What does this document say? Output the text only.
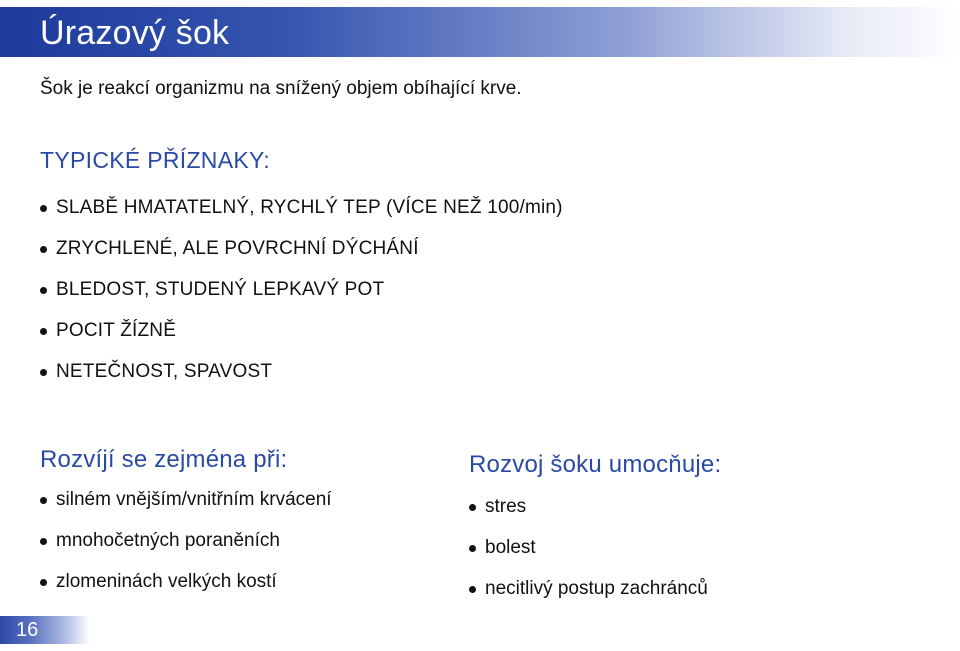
Úrazový šok
Šok je reakcí organizmu na snížený objem obíhající krve.
TYPICKÉ PŘÍZNAKY:
SLABĚ HMATATELNÝ, RYCHLÝ TEP (VÍCE NEŽ 100/min)
ZRYCHLENÉ, ALE POVRCHNÍ DÝCHÁNÍ
BLEDOST, STUDENÝ LEPKAVÝ POT
POCIT ŽÍZNĚ
NETEČNOST, SPAVOST
Rozvíjí se zejména při:
silném vnějším/vnitřním krvácení
mnohočetných poraněních
zlomeninách velkých kostí
Rozvoj šoku umocňuje:
stres
bolest
necitlivý postup zachránců
16
